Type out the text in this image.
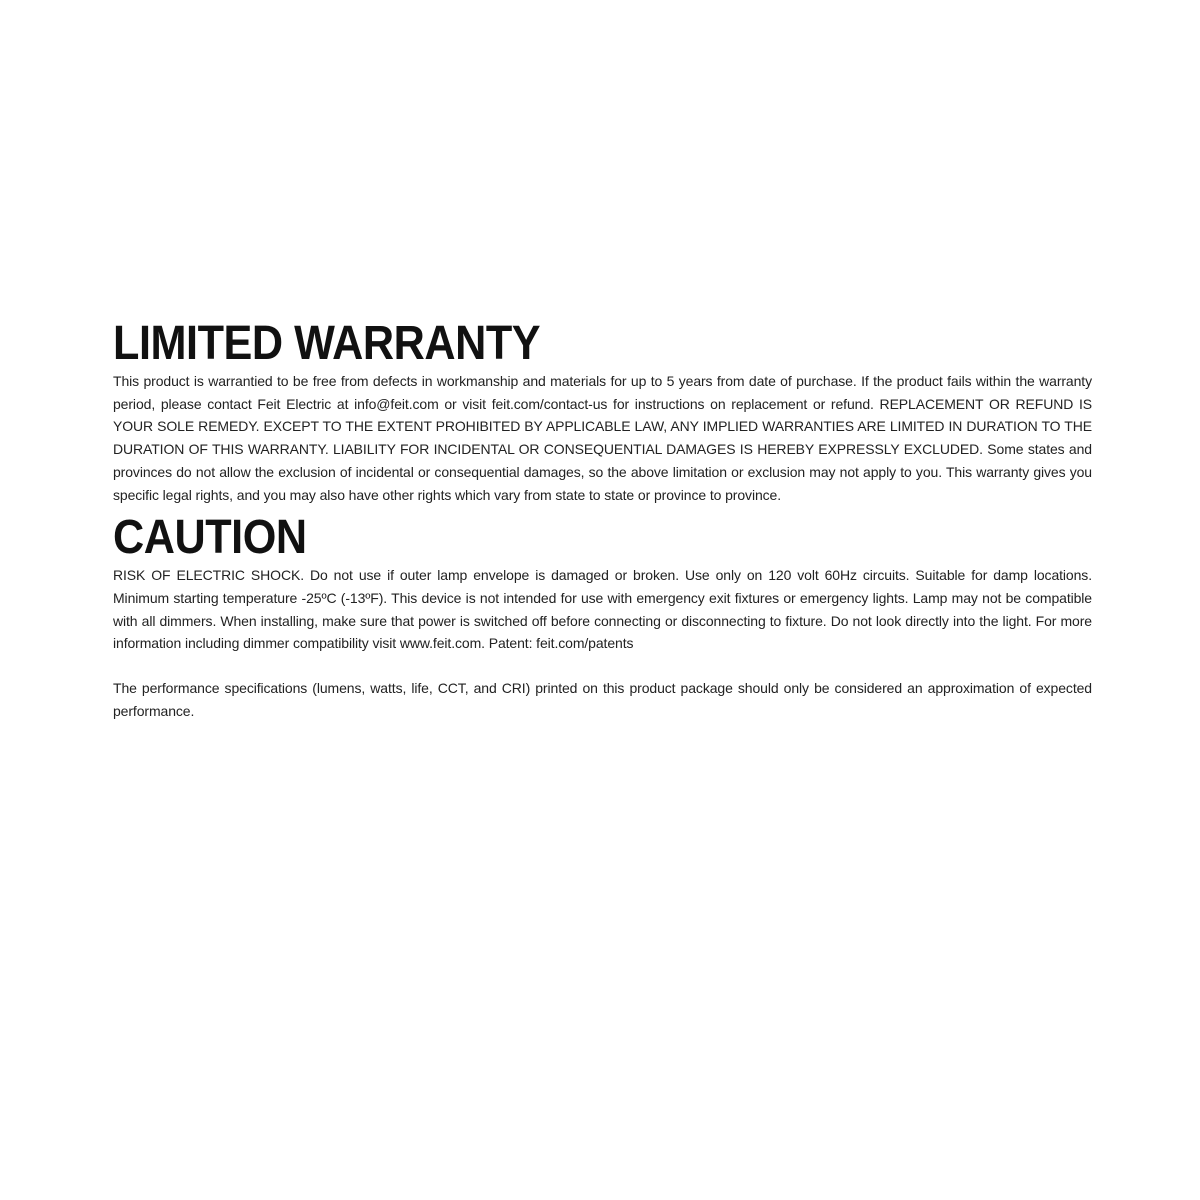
LIMITED WARRANTY

This product is warrantied to be free from defects in workmanship and materials for up to 5 years from date of purchase. If the product fails within the warranty period, please contact Feit Electric at info@feit.com or visit feit.com/contact-us for instructions on replacement or refund. REPLACEMENT OR REFUND IS YOUR SOLE REMEDY. EXCEPT TO THE EXTENT PROHIBITED BY APPLICABLE LAW, ANY IMPLIED WARRANTIES ARE LIMITED IN DURATION TO THE DURATION OF THIS WARRANTY. LIABILITY FOR INCIDENTAL OR CONSEQUENTIAL DAMAGES IS HEREBY EXPRESSLY EXCLUDED. Some states and provinces do not allow the exclusion of incidental or consequential damages, so the above limitation or exclusion may not apply to you. This warranty gives you specific legal rights, and you may also have other rights which vary from state to state or province to province.

CAUTION

RISK OF ELECTRIC SHOCK. Do not use if outer lamp envelope is damaged or broken. Use only on 120 volt 60Hz circuits. Suitable for damp locations. Minimum starting temperature -25ºC (-13ºF). This device is not intended for use with emergency exit fixtures or emergency lights. Lamp may not be compatible with all dimmers. When installing, make sure that power is switched off before connecting or disconnecting to fixture. Do not look directly into the light. For more information including dimmer compatibility visit www.feit.com. Patent: feit.com/patents

The performance specifications (lumens, watts, life, CCT, and CRI) printed on this product package should only be considered an approximation of expected performance.
